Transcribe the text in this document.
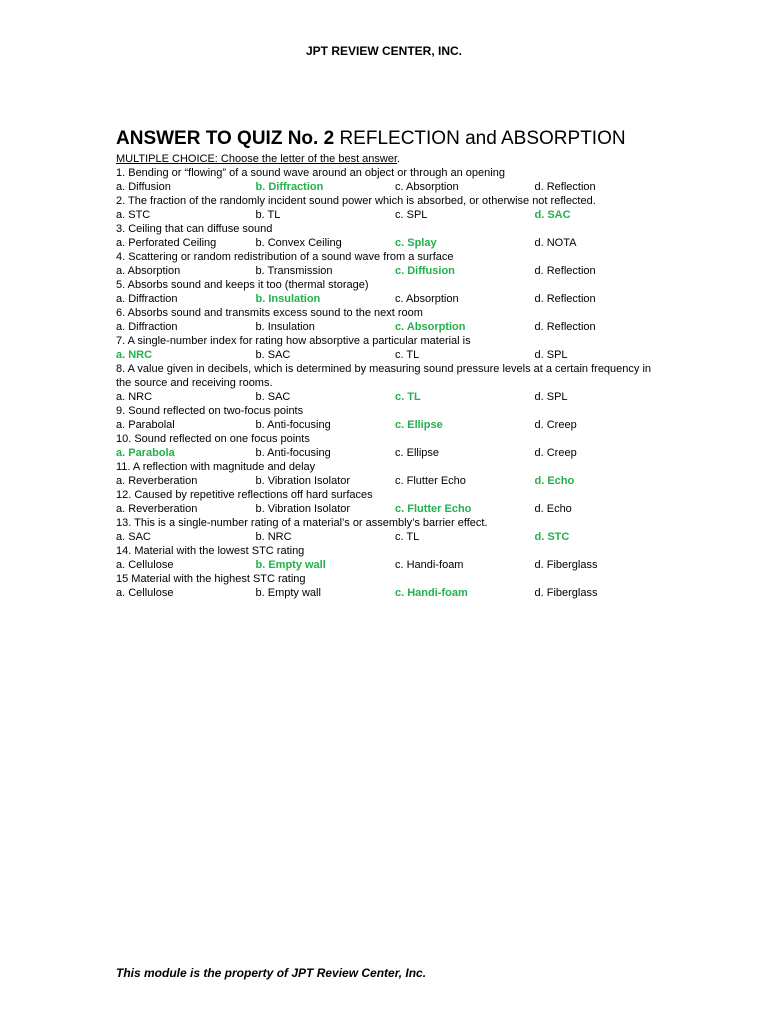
JPT REVIEW CENTER, INC.
ANSWER TO QUIZ No. 2 REFLECTION and ABSORPTION
MULTIPLE CHOICE: Choose the letter of the best answer.
1. Bending or “flowing” of a sound wave around an object or through an opening
a. Diffusion	b. Diffraction	c. Absorption	d. Reflection
2. The fraction of the randomly incident sound power which is absorbed, or otherwise not reflected.
a. STC	b. TL	c. SPL	d. SAC
3. Ceiling that can diffuse sound
a. Perforated Ceiling	b. Convex Ceiling	c. Splay	d. NOTA
4. Scattering or random redistribution of a sound wave from a surface
a. Absorption	b. Transmission	c. Diffusion	d. Reflection
5. Absorbs sound and keeps it too (thermal storage)
a. Diffraction	b. Insulation	c. Absorption	d. Reflection
6. Absorbs sound and transmits excess sound to the next room
a. Diffraction	b. Insulation	c. Absorption	d. Reflection
7. A single-number index for rating how absorptive a particular material is
a. NRC	b. SAC	c. TL	d. SPL
8. A value given in decibels, which is determined by measuring sound pressure levels at a certain frequency in the source and receiving rooms.
a. NRC	b. SAC	c. TL	d. SPL
9. Sound reflected on two-focus points
a. Parabolal	b. Anti-focusing	c. Ellipse	d. Creep
10. Sound reflected on one focus points
a. Parabola	b. Anti-focusing	c. Ellipse	d. Creep
11. A reflection with magnitude and delay
a. Reverberation	b. Vibration Isolator	c. Flutter Echo	d. Echo
12. Caused by repetitive reflections off hard surfaces
a. Reverberation	b. Vibration Isolator	c. Flutter Echo	d. Echo
13. This is a single-number rating of a material’s or assembly’s barrier effect.
a. SAC	b. NRC	c. TL	d. STC
14. Material with the lowest STC rating
a. Cellulose	b. Empty wall	c. Handi-foam	d. Fiberglass
15 Material with the highest STC rating
a. Cellulose	b. Empty wall	c. Handi-foam	d. Fiberglass
This module is the property of JPT Review Center, Inc.
